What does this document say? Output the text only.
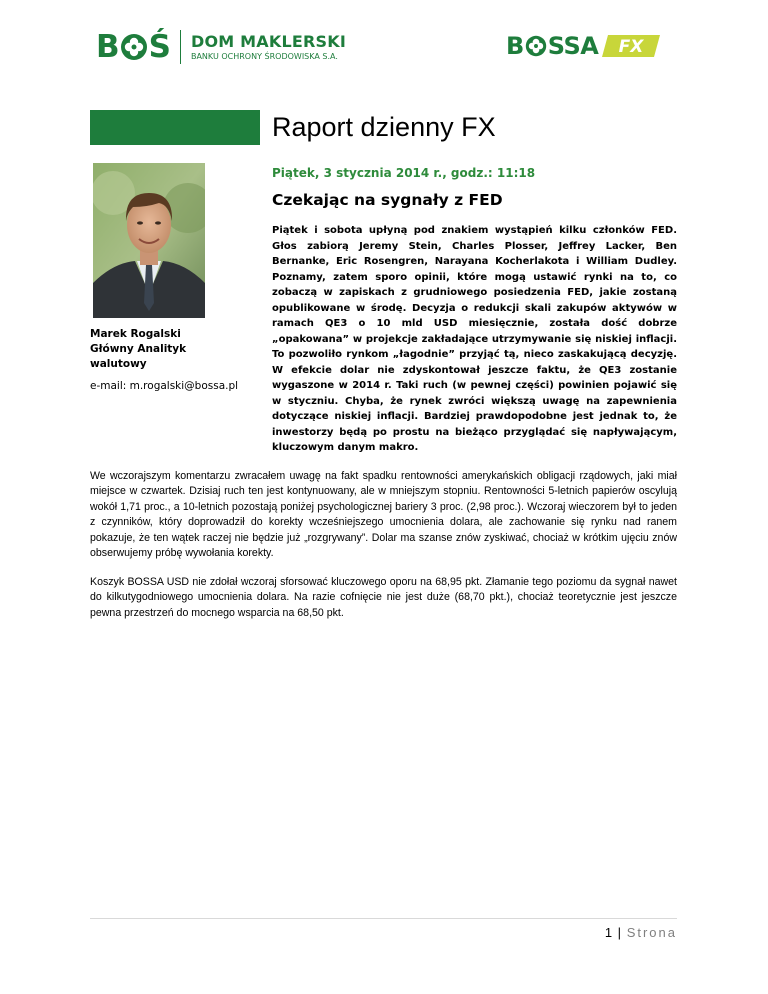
B Ś DOM MAKLERSKI
BANKU OCHRONY ŚRODOWISKA S.A.	B SSA FX
Raport dzienny FX
Piątek, 3 stycznia 2014 r., godz.: 11:18
Czekając na sygnały z FED
Marek Rogalski
Główny Analityk
walutowy
e-mail: m.rogalski@bossa.pl
Piątek i sobota upłyną pod znakiem wystąpień kilku członków FED. Głos zabiorą Jeremy Stein, Charles Plosser, Jeffrey Lacker, Ben Bernanke, Eric Rosengren, Narayana Kocherlakota i William Dudley. Poznamy, zatem sporo opinii, które mogą ustawić rynki na to, co zobaczą w zapiskach z grudniowego posiedzenia FED, jakie zostaną opublikowane w środę. Decyzja o redukcji skali zakupów aktywów w ramach QE3 o 10 mld USD miesięcznie, została dość dobrze „opakowana” w projekcje zakładające utrzymywanie się niskiej inflacji. To pozwoliło rynkom „łagodnie” przyjąć tą, nieco zaskakującą decyzję. W efekcie dolar nie zdyskontował jeszcze faktu, że QE3 zostanie wygaszone w 2014 r. Taki ruch (w pewnej części) powinien pojawić się w styczniu. Chyba, że rynek zwróci większą uwagę na zapewnienia dotyczące niskiej inflacji. Bardziej prawdopodobne jest jednak to, że inwestorzy będą po prostu na bieżąco przyglądać się napływającym, kluczowym danym makro.
We wczorajszym komentarzu zwracałem uwagę na fakt spadku rentowności amerykańskich obligacji rządowych, jaki miał miejsce w czwartek. Dzisiaj ruch ten jest kontynuowany, ale w mniejszym stopniu. Rentowności 5-letnich papierów oscylują wokół 1,71 proc., a 10-letnich pozostają poniżej psychologicznej bariery 3 proc. (2,98 proc.). Wczoraj wieczorem był to jeden z czynników, który doprowadził do korekty wcześniejszego umocnienia dolara, ale zachowanie się rynku nad ranem pokazuje, że ten wątek raczej nie będzie już „rozgrywany”. Dolar ma szanse znów zyskiwać, chociaż w krótkim ujęciu znów obserwujemy próbę wywołania korekty.
Koszyk BOSSA USD nie zdołał wczoraj sforsować kluczowego oporu na 68,95 pkt. Złamanie tego poziomu da sygnał nawet do kilkutygodniowego umocnienia dolara. Na razie cofnięcie nie jest duże (68,70 pkt.), chociaż teoretycznie jest jeszcze pewna przestrzeń do mocnego wsparcia na 68,50 pkt.
1 | Strona
